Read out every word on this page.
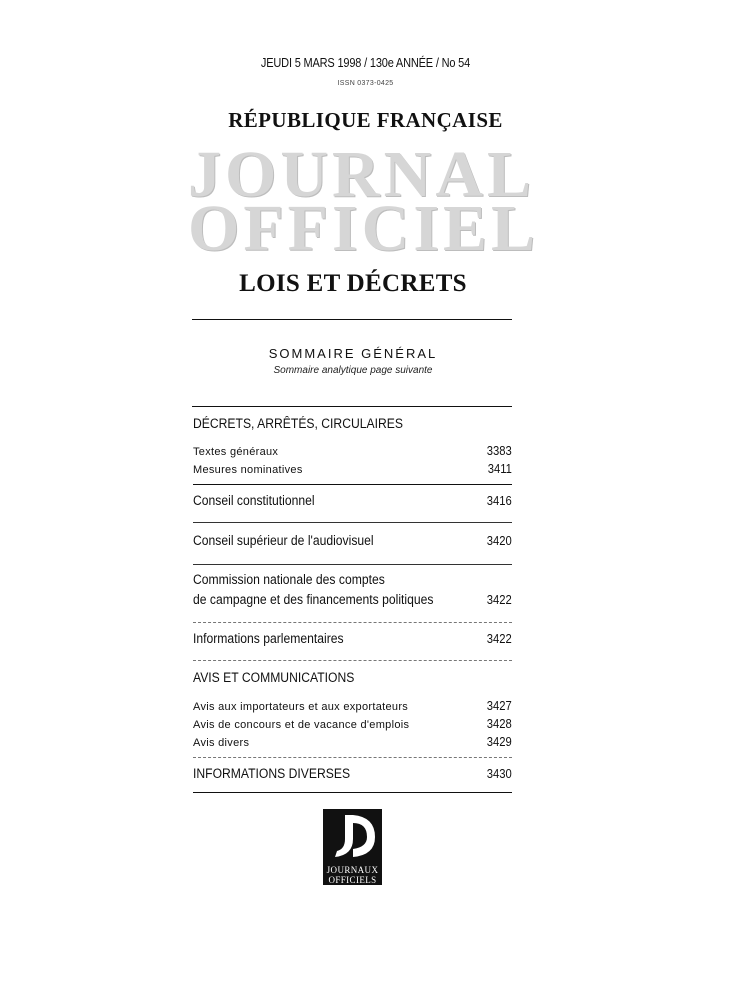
JEUDI 5 MARS 1998 / 130e ANNÉE / No 54
ISSN 0373-0425
RÉPUBLIQUE FRANÇAISE
JOURNAL
OFFICIEL
LOIS ET DÉCRETS
SOMMAIRE GÉNÉRAL
Sommaire analytique page suivante
DÉCRETS, ARRÊTÉS, CIRCULAIRES
Textes généraux	3383
Mesures nominatives	3411
Conseil constitutionnel	3416
Conseil supérieur de l'audiovisuel	3420
Commission nationale des comptes
de campagne et des financements politiques	3422
Informations parlementaires	3422
AVIS ET COMMUNICATIONS
Avis aux importateurs et aux exportateurs	3427
Avis de concours et de vacance d'emplois	3428
Avis divers	3429
INFORMATIONS DIVERSES	3430
JOURNAUX
OFFICIELS
